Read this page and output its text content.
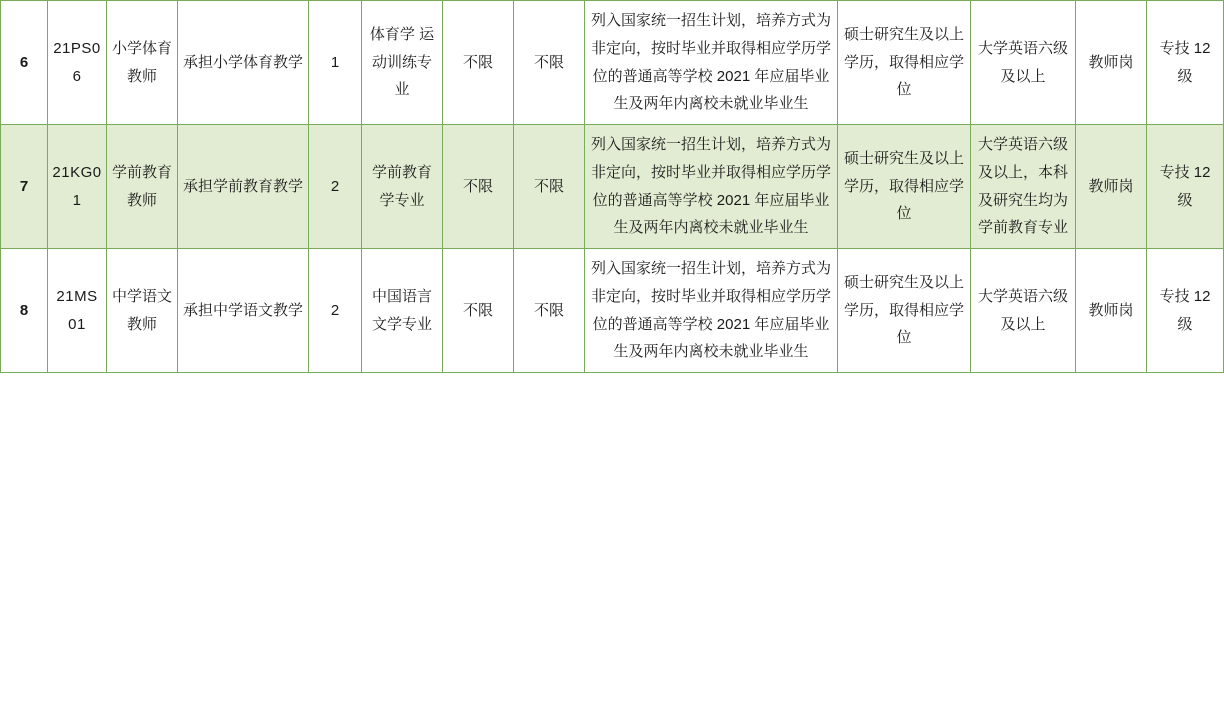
6	21PS06	小学体育教师	承担小学体育教学	1	体育学 运动训练专业	不限	不限	列入国家统一招生计划，培养方式为非定向，按时毕业并取得相应学历学位的普通高等学校 2021 年应届毕业生及两年内离校未就业毕业生	硕士研究生及以上学历，取得相应学位	大学英语六级及以上	教师岗	专技 12 级
7	21KG01	学前教育教师	承担学前教育教学	2	学前教育学专业	不限	不限	列入国家统一招生计划，培养方式为非定向，按时毕业并取得相应学历学位的普通高等学校 2021 年应届毕业生及两年内离校未就业毕业生	硕士研究生及以上学历，取得相应学位	大学英语六级及以上，本科及研究生均为学前教育专业	教师岗	专技 12 级
8	21MS01	中学语文教师	承担中学语文教学	2	中国语言文学专业	不限	不限	列入国家统一招生计划，培养方式为非定向，按时毕业并取得相应学历学位的普通高等学校 2021 年应届毕业生及两年内离校未就业毕业生	硕士研究生及以上学历，取得相应学位	大学英语六级及以上	教师岗	专技 12 级
